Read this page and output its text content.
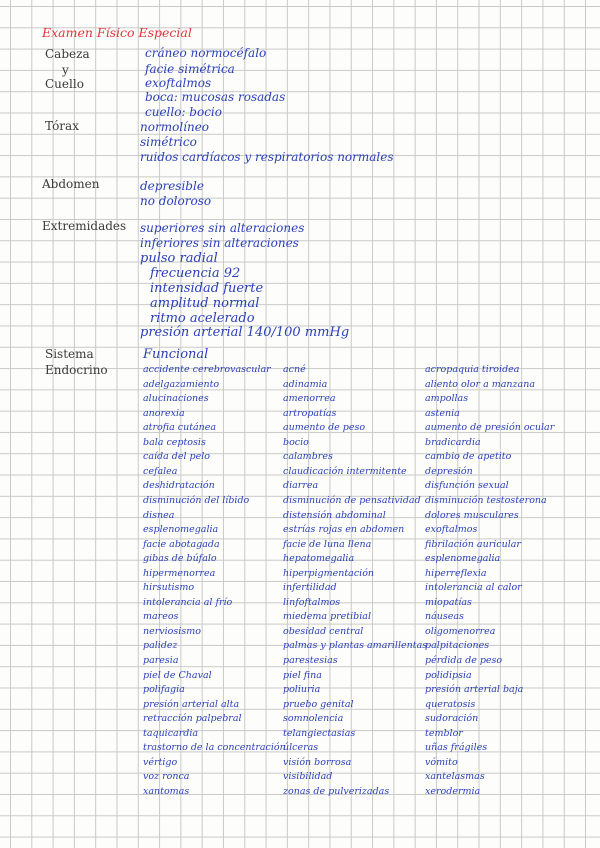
Examen Físico Especial
Cabeza
y
Cuello
Tórax
Abdomen
Extremidades
Sistema
Endocrino
cráneo normocéfalo
facie simétrica
exoftalmos
boca: mucosas rosadas
cuello: bocio
normolíneo
simétrico
ruidos cardíacos y respiratorios normales
depresible
no doloroso
superiores sin alteraciones
inferiores sin alteraciones
pulso radial
frecuencia 92
intensidad fuerte
amplitud normal
ritmo acelerado
presión arterial 140/100 mmHg
Funcional
accidente cerebrovascular
adelgazamiento
alucinaciones
anorexia
atrofia cutánea
bala ceptosis
caída del pelo
cefalea
deshidratación
disminución del líbido
disnea
esplenomegalia
facie abotagada
gibas de búfalo
hipermenorrea
hirsutismo
intolerancia al frío
mareos
nerviosismo
palidez
paresia
piel de Chaval
polifagia
presión arterial alta
retracción palpebral
taquicardia
trastorno de la concentración
vértigo
voz ronca
xantomas
acné
adinamia
amenorrea
artropatías
aumento de peso
bocio
calambres
claudicación intermitente
diarrea
disminución de pensatividad
distensión abdominal
estrías rojas en abdomen
facie de luna llena
hepatomegalia
hiperpigmentación
infertilidad
linfoftalmos
miedema pretibial
obesidad central
palmas y plantas amarillentas
parestesias
piel fina
poliuria
pruebo genital
somnolencia
telangiectasias
úlceras
visión borrosa
visibilidad
zonas de pulverizadas
acropaquia tiroidea
aliento olor a manzana
ampollas
astenia
aumento de presión ocular
bradicardia
cambio de apetito
depresión
disfunción sexual
disminución testosterona
dolores musculares
exoftalmos
fibrilación auricular
esplenomegalia
hiperreflexia
intolerancia al calor
miopatías
náuseas
oligomenorrea
palpitaciones
pérdida de peso
polidipsia
presión arterial baja
queratosis
sudoración
temblor
uñas frágiles
vómito
xantelasmas
xerodermia
